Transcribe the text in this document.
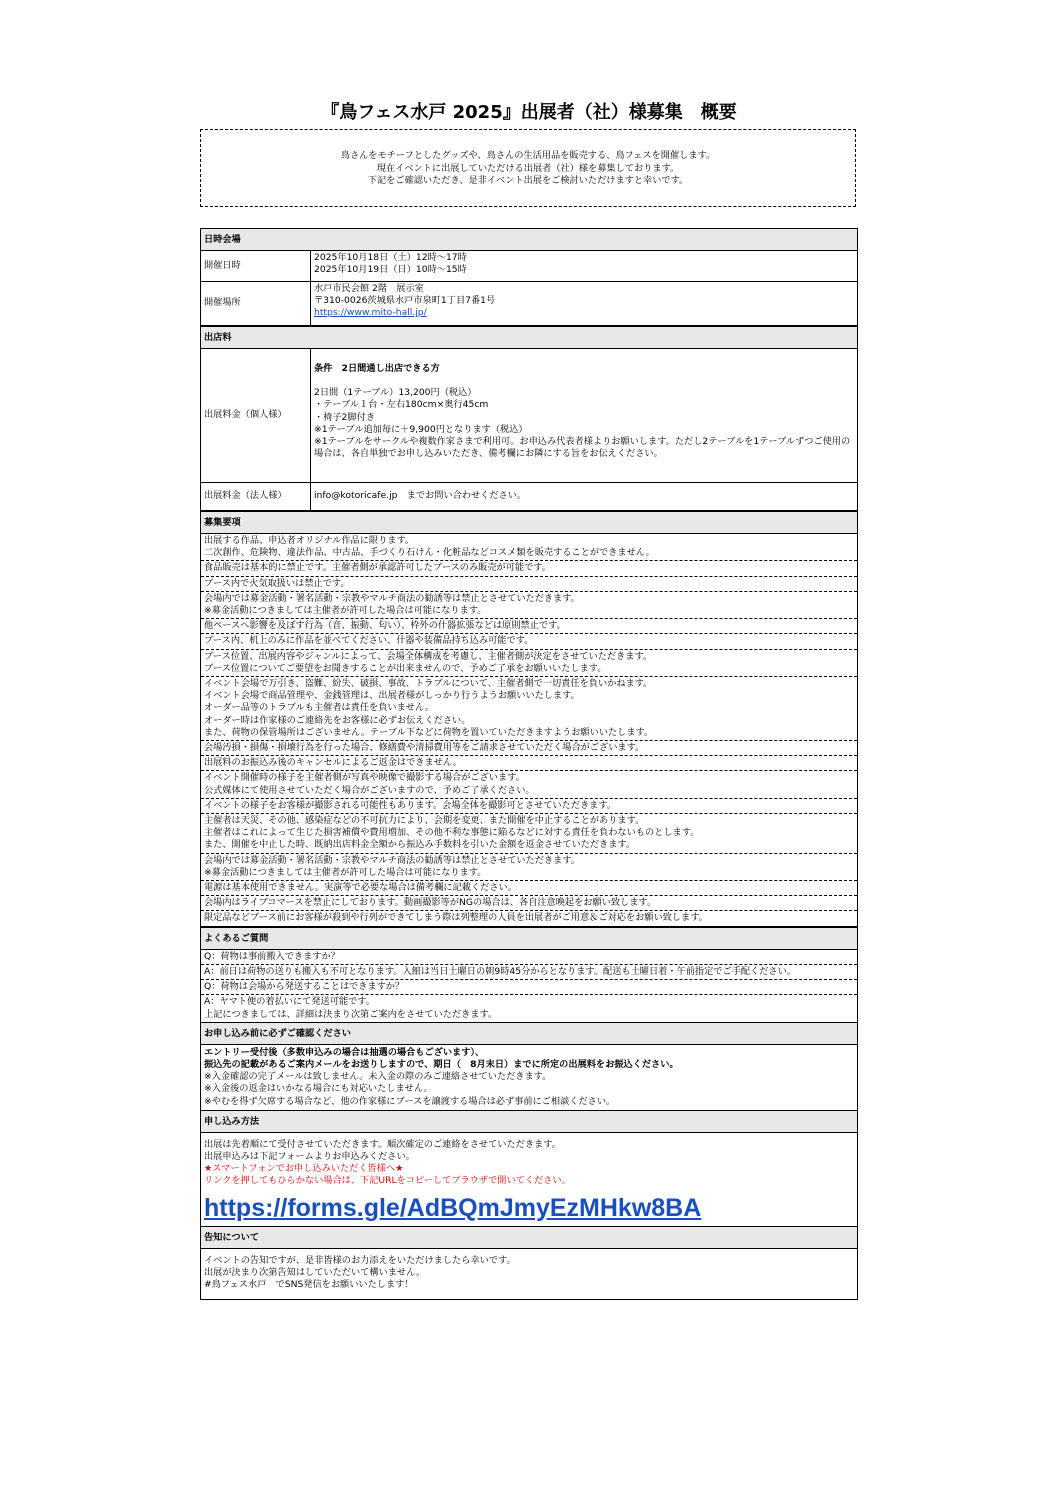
『鳥フェス水戸 2025』出展者（社）様募集　概要
鳥さんをモチーフとしたグッズや、鳥さんの生活用品を販売する、鳥フェスを開催します。
現在イベントに出展していただける出展者（社）様を募集しております。
下記をご確認いただき、是非イベント出展をご検討いただけますと幸いです。
日時会場
開催日時
2025年10月18日（土）12時～17時
2025年10月19日（日）10時～15時
開催場所
水戸市民会館 2階　展示室
〒310-0026茨城県水戸市泉町1丁目7番1号
https://www.mito-hall.jp/
出店料
出展料金（個人様）
条件　2日間通し出店できる方
2日間（1テーブル）13,200円（税込）
・テーブル１台・左右180cm×奥行45cm
・椅子2脚付き
※1テーブル追加毎に＋9,900円となります（税込）
※1テーブルをサークルや複数作家さまで利用可。お申込み代表者様よりお願いします。ただし2テーブルを1テーブルずつご使用の場合は、各自単独でお申し込みいただき、備考欄にお隣にする旨をお伝えください。
出展料金（法人様）	info@kotoricafe.jp　までお問い合わせください。
募集要項
出展する作品、申込者オリジナル作品に限ります。
二次創作、危険物、違法作品、中古品、手づくり石けん・化粧品などコスメ類を販売することができません。
食品販売は基本的に禁止です。主催者側が承認許可したブースのみ販売が可能です。
ブース内で火気取扱いは禁止です。
会場内では募金活動・署名活動・宗教やマルチ商法の勧誘等は禁止とさせていただきます。
※募金活動につきましては主催者が許可した場合は可能になります。
他ペースへ影響を及ぼす行為（音、振動、匂い）、枠外の什器拡張などは原則禁止です。
ブース内、机上のみに作品を並べてください、什器や装備品持ち込み可能です。
ブース位置、出展内容やジャンルによって、会場全体構成を考慮し、主催者側が決定をさせていただきます。
ブース位置についてご要望をお聞きすることが出来ませんので、予めご了承をお願いいたします。
イベント会場で万引き、盗難、紛失、破損、事故、トラブルについて、主催者側で一切責任を負いかねます。
イベント会場で商品管理や、金銭管理は、出展者様がしっかり行うようお願いいたします。
オーダー品等のトラブルも主催者は責任を負いません。
オーダー時は作家様のご連絡先をお客様に必ずお伝えください。
また、荷物の保管場所はございません。テーブル下などに荷物を置いていただきますようお願いいたします。
会場汚損・損傷・損壊行為を行った場合、修繕費や清掃費用等をご請求させていただく場合がございます。
出展料のお振込み後のキャンセルによるご返金はできません。
イベント開催時の様子を主催者側が写真や映像で撮影する場合がございます。
公式媒体にて使用させていただく場合がございますので、予めご了承ください。
イベントの様子をお客様が撮影される可能性もあります。会場全体を撮影可とさせていただきます。
主催者は天災、その他、感染症などの不可抗力により、会期を変更、また開催を中止することがあります。
主催者はこれによって生じた損害補償や費用増加、その他不利な事態に陥るなどに対する責任を負わないものとします。
また、開催を中止した時、既納出店料金全額から振込み手数料を引いた金額を返金させていただきます。
会場内では募金活動・署名活動・宗教やマルチ商法の勧誘等は禁止とさせていただきます。
※募金活動につきましては主催者が許可した場合は可能になります。
電源は基本使用できません。実演等で必要な場合は備考欄に記載ください。
会場内はライブコマースを禁止にしております。動画撮影等がNGの場合は、各自注意喚起をお願い致します。
限定品などブース前にお客様が殺到や行列ができてしまう際は列整理の人員を出展者がご用意＆ご対応をお願い致します。
よくあるご質問
Q：荷物は事前搬入できますか？
A：前日は荷物の送りも搬入も不可となります。入館は当日土曜日の朝9時45分からとなります。配送も土曜日着・午前指定でご手配ください。
Q：荷物は会場から発送することはできますか？
A：ヤマト便の着払いにて発送可能です。
上記につきましては、詳細は決まり次第ご案内をさせていただきます。
お申し込み前に必ずご確認ください
エントリー受付後（多数申込みの場合は抽選の場合もございます）、
振込先の記載があるご案内メールをお送りしますので、期日（　8月末日）までに所定の出展料をお振込ください。
※入金確認の完了メールは致しません。未入金の際のみご連絡させていただきます。
※入金後の返金はいかなる場合にも対応いたしません。
※やむを得ず欠席する場合など、他の作家様にブースを譲渡する場合は必ず事前にご相談ください。
申し込み方法
出展は先着順にて受付させていただきます。順次確定のご連絡をさせていただきます。
出展申込みは下記フォームよりお申込みください。
★スマートフォンでお申し込みいただく皆様へ★
リンクを押してもひらかない場合は、下記URLをコピーしてブラウザで開いてください。
https://forms.gle/AdBQmJmyEzMHkw8BA
告知について
イベントの告知ですが、是非皆様のお力添えをいただけましたら幸いです。
出展が決まり次第告知はしていただいて構いません。
#鳥フェス水戸　でSNS発信をお願いいたします！
